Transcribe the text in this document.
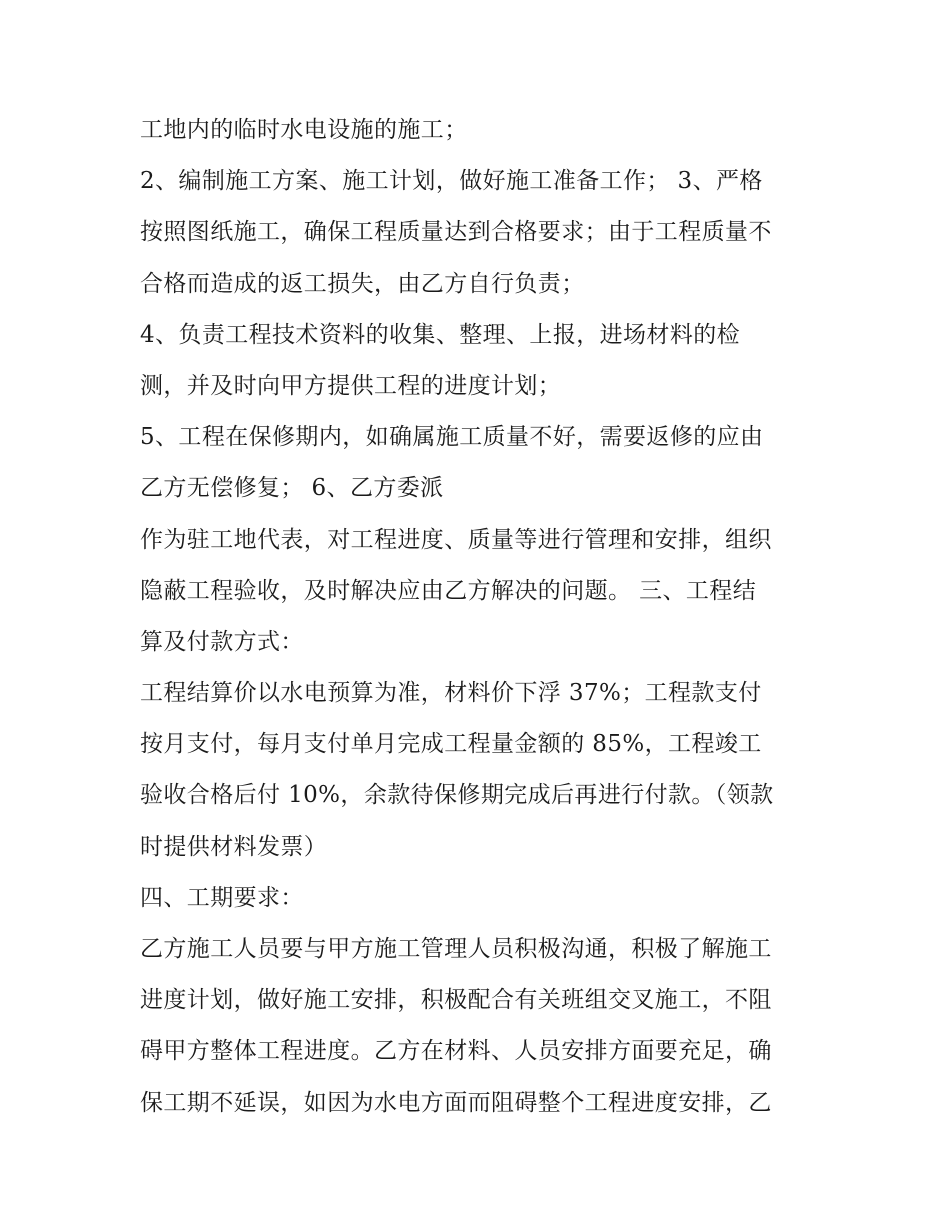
工地内的临时水电设施的施工；
2、编制施工方案、施工计划，做好施工准备工作； 3、严格
按照图纸施工，确保工程质量达到合格要求；由于工程质量不
合格而造成的返工损失，由乙方自行负责；
4、负责工程技术资料的收集、整理、上报，进场材料的检
测，并及时向甲方提供工程的进度计划；
5、工程在保修期内，如确属施工质量不好，需要返修的应由
乙方无偿修复； 6、乙方委派
作为驻工地代表，对工程进度、质量等进行管理和安排，组织
隐蔽工程验收，及时解决应由乙方解决的问题。 三、工程结
算及付款方式：
工程结算价以水电预算为准，材料价下浮 37%；工程款支付
按月支付，每月支付单月完成工程量金额的 85%，工程竣工
验收合格后付 10%，余款待保修期完成后再进行付款。（领款
时提供材料发票）
四、工期要求：
乙方施工人员要与甲方施工管理人员积极沟通，积极了解施工
进度计划，做好施工安排，积极配合有关班组交叉施工，不阻
碍甲方整体工程进度。乙方在材料、人员安排方面要充足，确
保工期不延误，如因为水电方面而阻碍整个工程进度安排，乙
